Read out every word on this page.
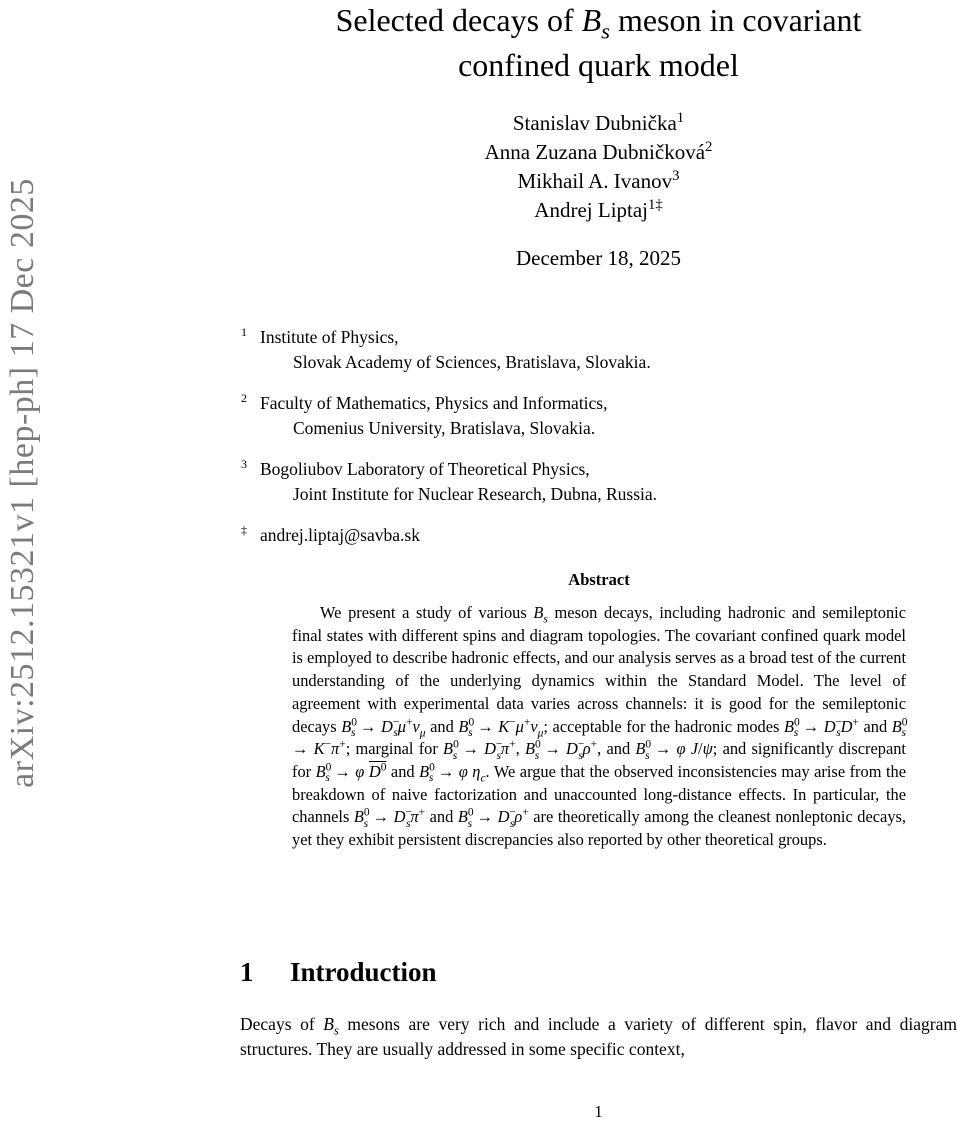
arXiv:2512.15321v1 [hep-ph] 17 Dec 2025
Selected decays of $B_s$ meson in covariant
confined quark model
Stanislav Dubnička$^1$
Anna Zuzana Dubničková$^2$
Mikhail A. Ivanov$^3$
Andrej Liptaj$^{1\ddagger}$
December 18, 2025
1 Institute of Physics,
Slovak Academy of Sciences, Bratislava, Slovakia.
2 Faculty of Mathematics, Physics and Informatics,
Comenius University, Bratislava, Slovakia.
3 Bogoliubov Laboratory of Theoretical Physics,
Joint Institute for Nuclear Research, Dubna, Russia.
‡ andrej.liptaj@savba.sk
Abstract
We present a study of various $B_s$ meson decays, including hadronic and semileptonic final states with different spins and diagram topologies. The covariant confined quark model is employed to describe hadronic effects, and our analysis serves as a broad test of the current understanding of the underlying dynamics within the Standard Model. The level of agreement with experimental data varies across channels: it is good for the semileptonic decays $B^0_s \to D^-_s\mu^+\nu_\mu$ and $B^0_s \to K^-\mu^+\nu_\mu$; acceptable for the hadronic modes $B^0_s \to D^-_sD^+$ and $B^0_s \to K^-\pi^+$; marginal for $B^0_s \to D^-_s\pi^+$, $B^0_s \to D^-_s\rho^+$, and $B^0_s \to \varphi$ J/ψ; and significantly discrepant for $B^0_s \to \varphi$ $D^0$ and $B^0_s \to \varphi$ $\eta_c$. We argue that the observed inconsistencies may arise from the breakdown of naive factorization and unaccounted long-distance effects. In particular, the channels $B^0_s \to D^-_s\pi^+$ and $B^0_s \to D^-_s\rho^+$ are theoretically among the cleanest nonleptonic decays, yet they exhibit persistent discrepancies also reported by other theoretical groups.
1 Introduction
Decays of $B_s$ mesons are very rich and include a variety of different spin, flavor and diagram structures. They are usually addressed in some specific context,
1
